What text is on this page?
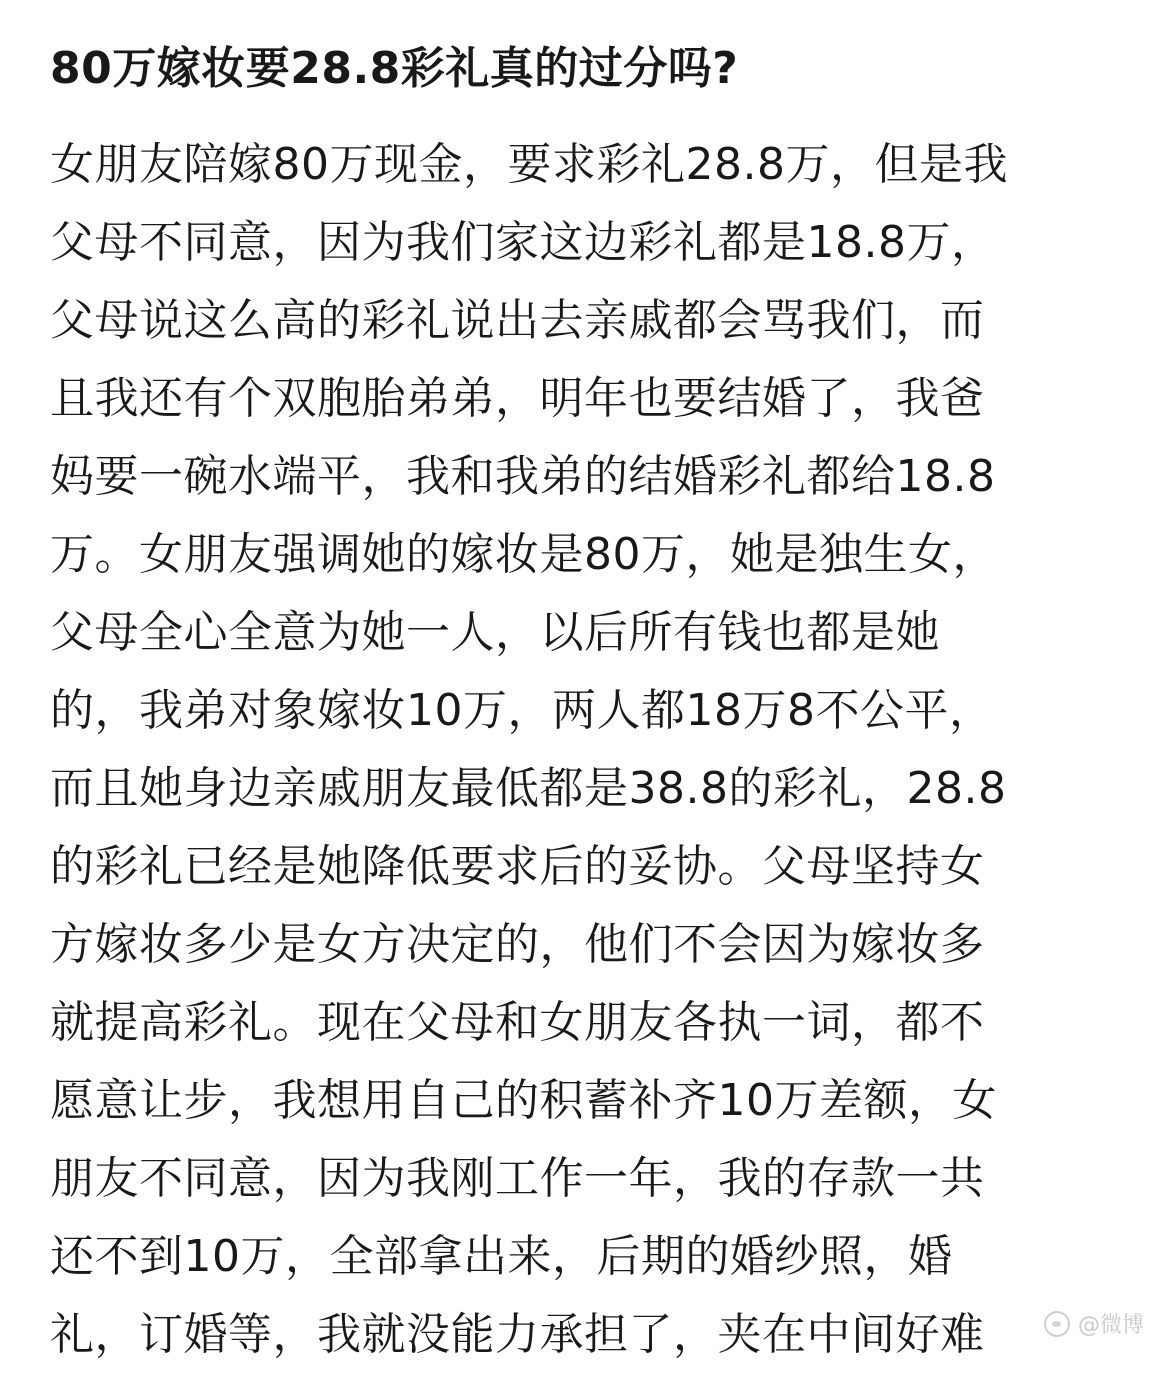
80万嫁妆要28.8彩礼真的过分吗?
女朋友陪嫁80万现金，要求彩礼28.8万，但是我
父母不同意，因为我们家这边彩礼都是18.8万，
父母说这么高的彩礼说出去亲戚都会骂我们，而
且我还有个双胞胎弟弟，明年也要结婚了，我爸
妈要一碗水端平，我和我弟的结婚彩礼都给18.8
万。女朋友强调她的嫁妆是80万，她是独生女，
父母全心全意为她一人，以后所有钱也都是她
的，我弟对象嫁妆10万，两人都18万8不公平，
而且她身边亲戚朋友最低都是38.8的彩礼，28.8
的彩礼已经是她降低要求后的妥协。父母坚持女
方嫁妆多少是女方决定的，他们不会因为嫁妆多
就提高彩礼。现在父母和女朋友各执一词，都不
愿意让步，我想用自己的积蓄补齐10万差额，女
朋友不同意，因为我刚工作一年，我的存款一共
还不到10万，全部拿出来，后期的婚纱照，婚
礼，订婚等，我就没能力承担了，夹在中间好难	@微博
